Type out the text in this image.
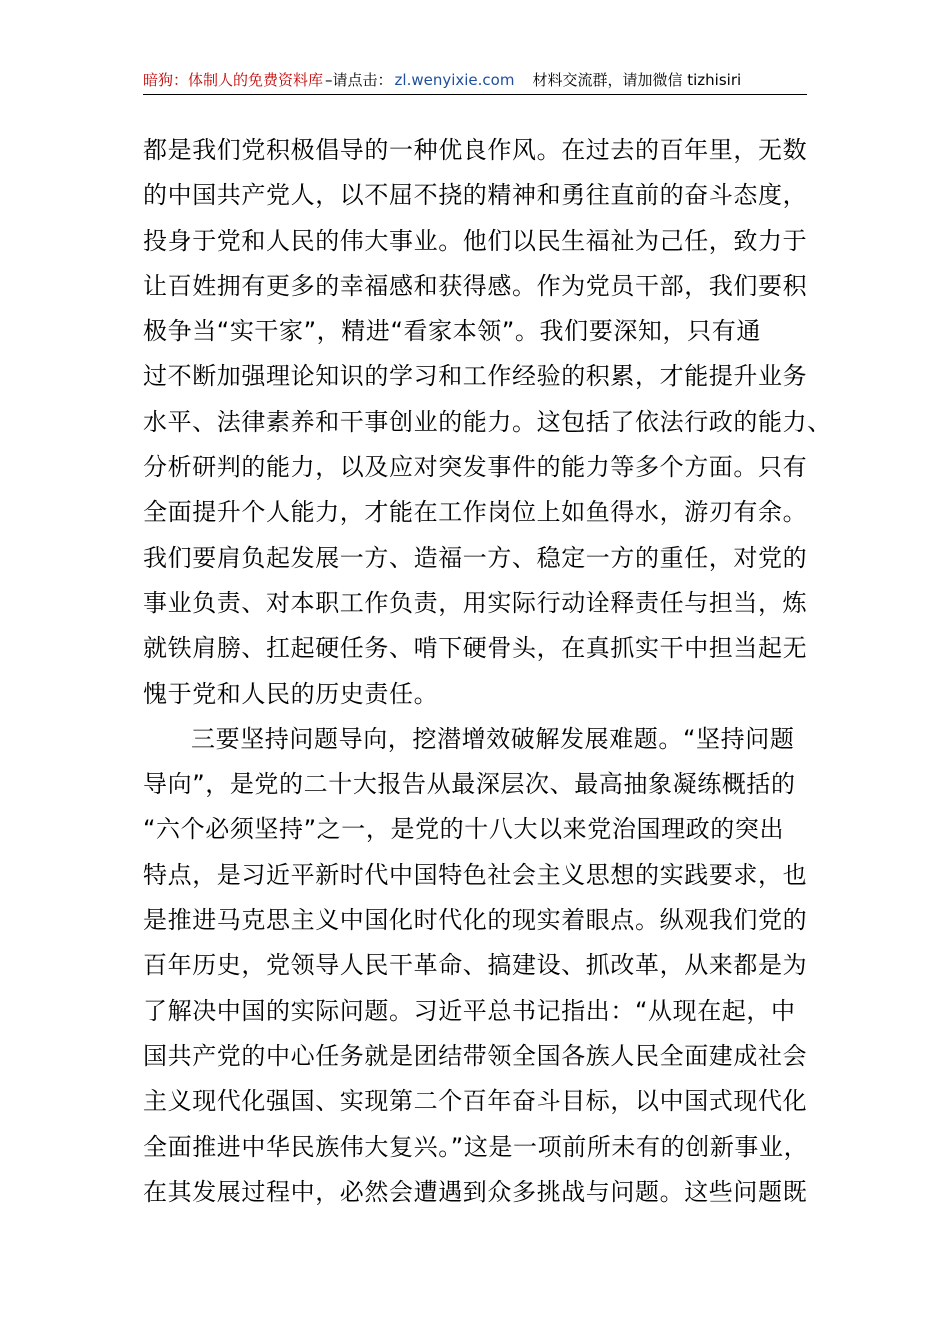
暗狗：体制人的免费资料库 –请点击： zl.wenyixie.com 材料交流群，请加微信 tizhisiri
都是我们党积极倡导的一种优良作风。在过去的百年里，无数
的中国共产党人，以不屈不挠的精神和勇往直前的奋斗态度，
投身于党和人民的伟大事业。他们以民生福祉为己任，致力于
让百姓拥有更多的幸福感和获得感。作为党员干部，我们要积
极争当“实干家”，精进“看家本领”。我们要深知，只有通
过不断加强理论知识的学习和工作经验的积累，才能提升业务
水平、法律素养和干事创业的能力。这包括了依法行政的能力、
分析研判的能力，以及应对突发事件的能力等多个方面。只有
全面提升个人能力，才能在工作岗位上如鱼得水，游刃有余。
我们要肩负起发展一方、造福一方、稳定一方的重任，对党的
事业负责、对本职工作负责，用实际行动诠释责任与担当，炼
就铁肩膀、扛起硬任务、啃下硬骨头，在真抓实干中担当起无
愧于党和人民的历史责任。
三要坚持问题导向，挖潜增效破解发展难题。“坚持问题
导向”，是党的二十大报告从最深层次、最高抽象凝练概括的
“六个必须坚持”之一，是党的十八大以来党治国理政的突出
特点，是习近平新时代中国特色社会主义思想的实践要求，也
是推进马克思主义中国化时代化的现实着眼点。纵观我们党的
百年历史，党领导人民干革命、搞建设、抓改革，从来都是为
了解决中国的实际问题。习近平总书记指出：“从现在起，中
国共产党的中心任务就是团结带领全国各族人民全面建成社会
主义现代化强国、实现第二个百年奋斗目标，以中国式现代化
全面推进中华民族伟大复兴。”这是一项前所未有的创新事业，
在其发展过程中，必然会遭遇到众多挑战与问题。这些问题既
